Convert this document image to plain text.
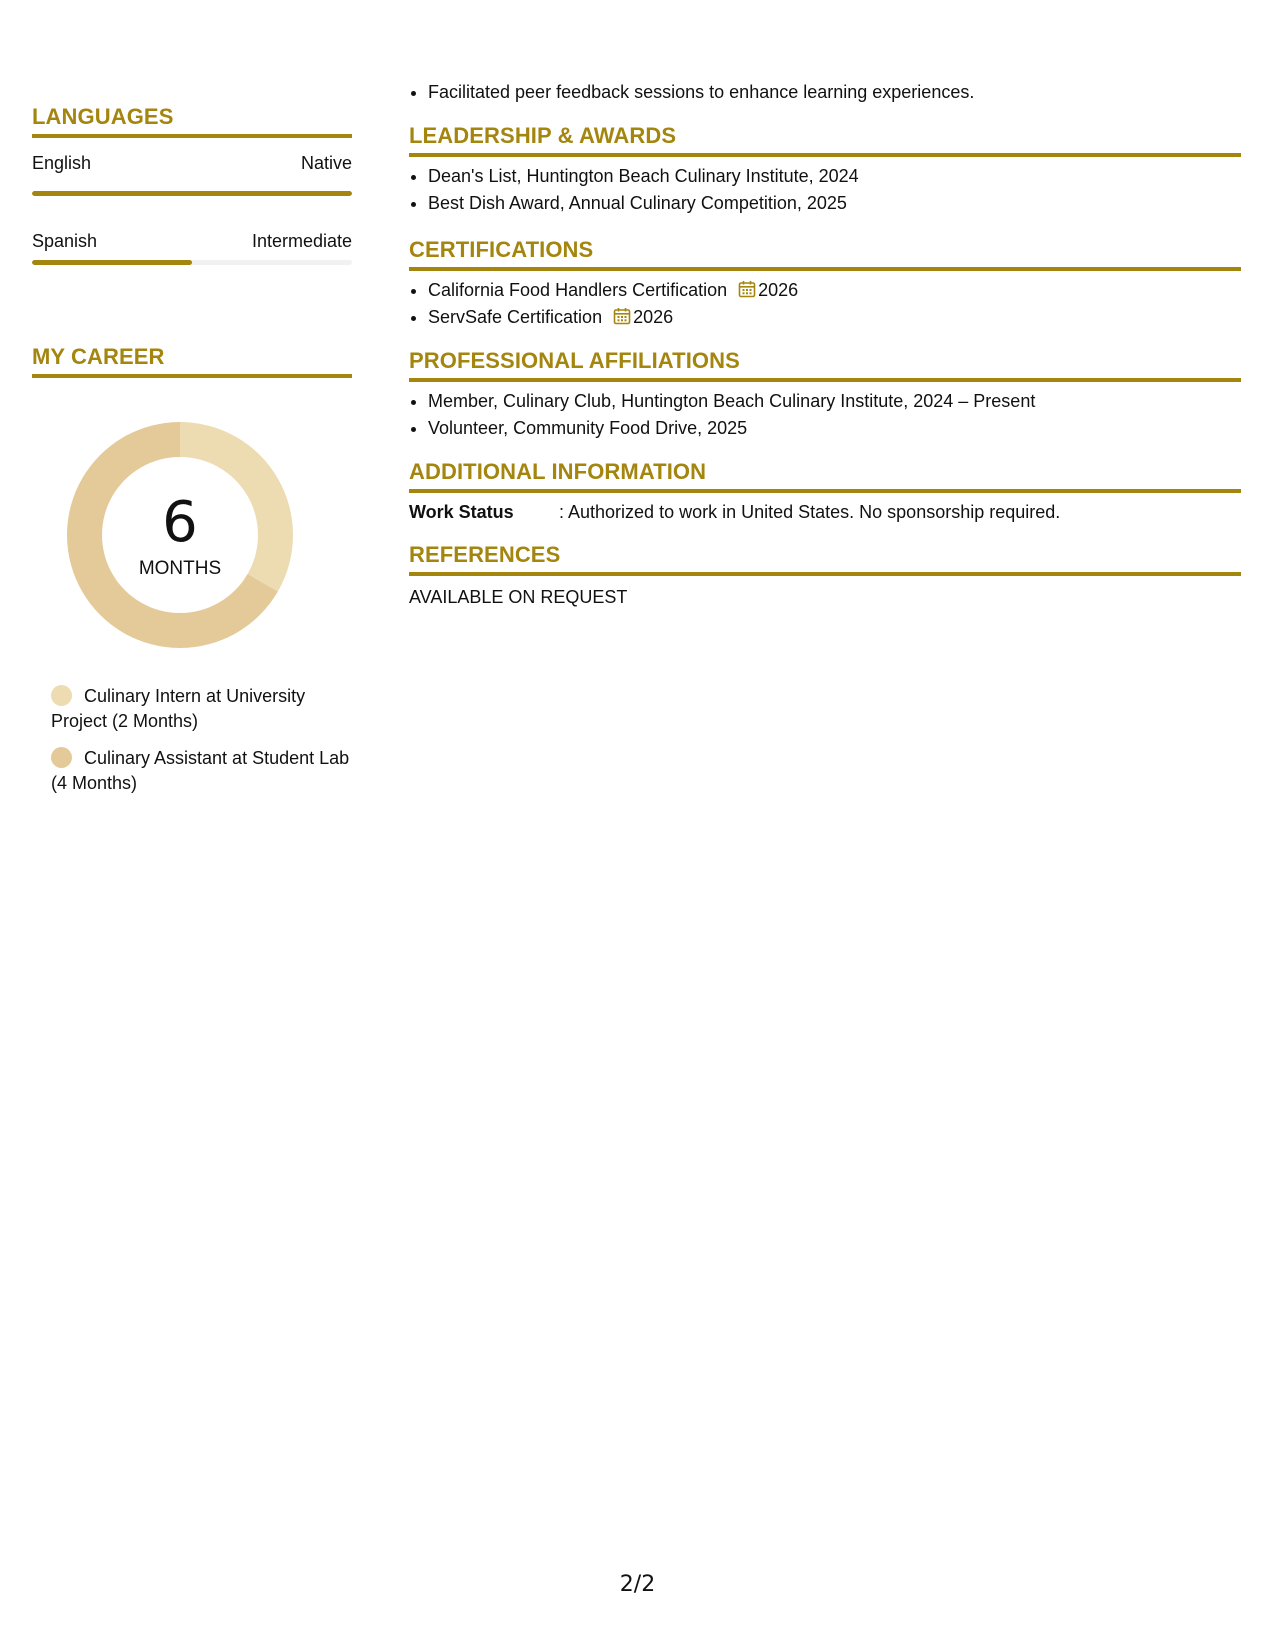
LANGUAGES
English	Native
Spanish	Intermediate
MY CAREER
6
MONTHS
Culinary Intern at University Project (2 Months)
Culinary Assistant at Student Lab (4 Months)
• Facilitated peer feedback sessions to enhance learning experiences.
LEADERSHIP & AWARDS
• Dean's List, Huntington Beach Culinary Institute, 2024
• Best Dish Award, Annual Culinary Competition, 2025
CERTIFICATIONS
• California Food Handlers Certification 2026
• ServSafe Certification 2026
PROFESSIONAL AFFILIATIONS
• Member, Culinary Club, Huntington Beach Culinary Institute, 2024 – Present
• Volunteer, Community Food Drive, 2025
ADDITIONAL INFORMATION
Work Status	: Authorized to work in United States. No sponsorship required.
REFERENCES
AVAILABLE ON REQUEST
2/2
